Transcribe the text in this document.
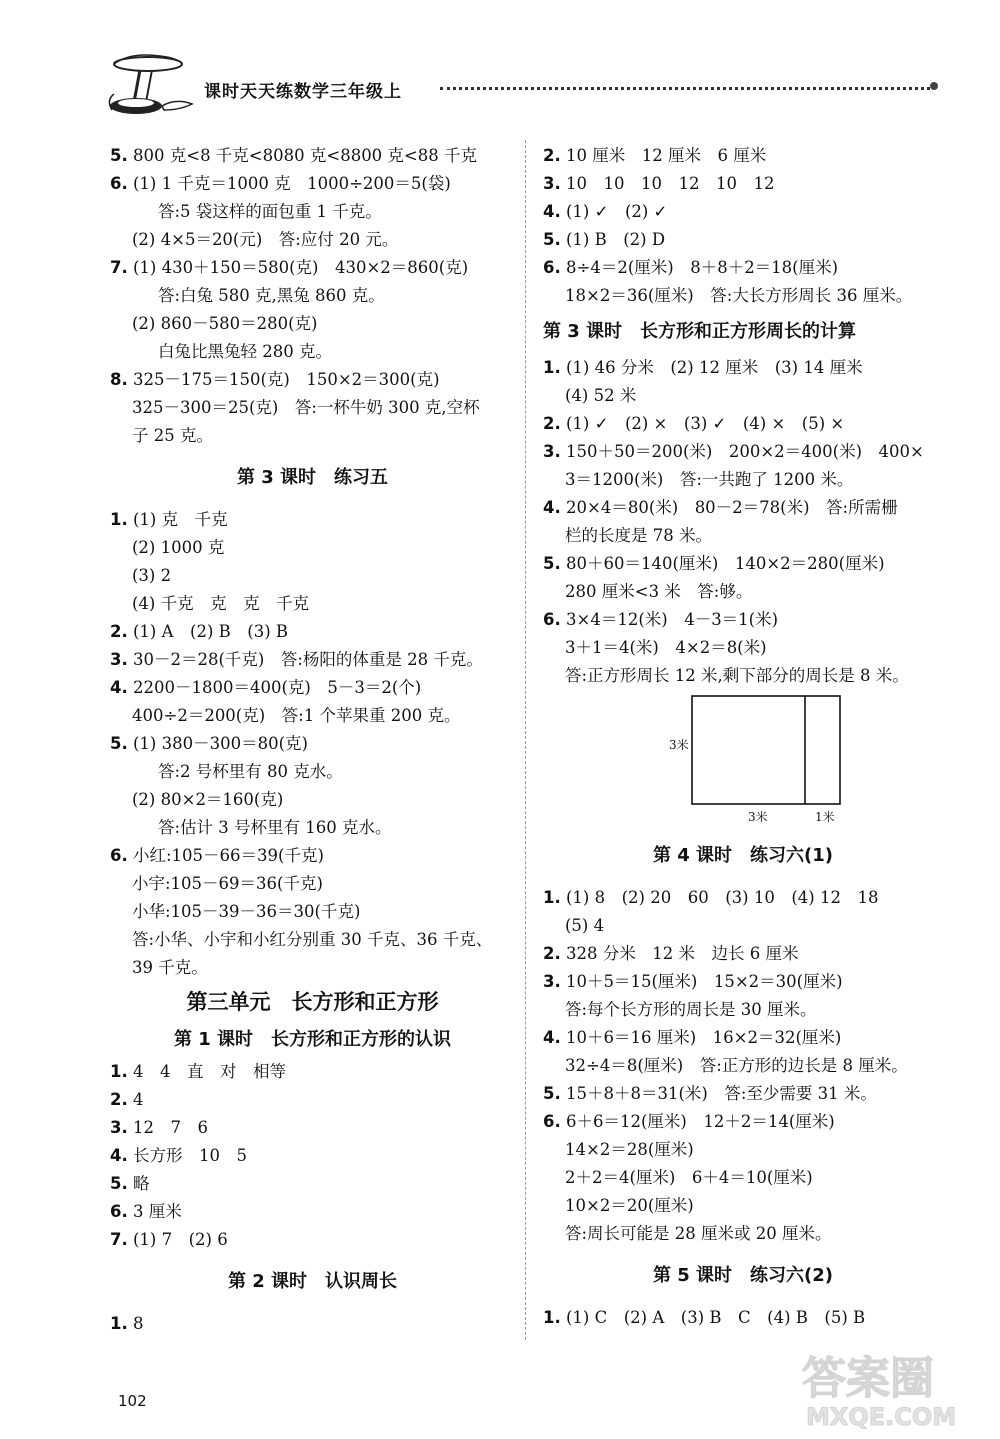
课时天天练数学三年级上
5. 800 克<8 千克<8080 克<8800 克<88 千克
6. (1) 1 千克＝1000 克　1000÷200＝5(袋)
答:5 袋这样的面包重 1 千克。
(2) 4×5＝20(元)　答:应付 20 元。
7. (1) 430＋150＝580(克)　430×2＝860(克)
答:白兔 580 克,黑兔 860 克。
(2) 860－580＝280(克)
白兔比黑兔轻 280 克。
8. 325－175＝150(克)　150×2＝300(克)
325－300＝25(克)　答:一杯牛奶 300 克,空杯
子 25 克。
第 3 课时　练习五
1. (1) 克　千克
(2) 1000 克
(3) 2
(4) 千克　克　克　千克
2. (1) A　(2) B　(3) B
3. 30－2＝28(千克)　答:杨阳的体重是 28 千克。
4. 2200－1800＝400(克)　5－3＝2(个)
400÷2＝200(克)　答:1 个苹果重 200 克。
5. (1) 380－300＝80(克)
答:2 号杯里有 80 克水。
(2) 80×2＝160(克)
答:估计 3 号杯里有 160 克水。
6. 小红:105－66＝39(千克)
小宇:105－69＝36(千克)
小华:105－39－36＝30(千克)
答:小华、小宇和小红分别重 30 千克、36 千克、
39 千克。
第三单元　长方形和正方形
第 1 课时　长方形和正方形的认识
1. 4　4　直　对　相等
2. 4
3. 12　7　6
4. 长方形　10　5
5. 略
6. 3 厘米
7. (1) 7　(2) 6
第 2 课时　认识周长
1. 8
2. 10 厘米　12 厘米　6 厘米
3. 10　10　10　12　10　12
4. (1) ✓　(2) ✓
5. (1) B　(2) D
6. 8÷4＝2(厘米)　8＋8＋2＝18(厘米)
18×2＝36(厘米)　答:大长方形周长 36 厘米。
第 3 课时　长方形和正方形周长的计算
1. (1) 46 分米　(2) 12 厘米　(3) 14 厘米
(4) 52 米
2. (1) ✓　(2) ×　(3) ✓　(4) ×　(5) ×
3. 150＋50＝200(米)　200×2＝400(米)　400×
3＝1200(米)　答:一共跑了 1200 米。
4. 20×4＝80(米)　80－2＝78(米)　答:所需栅
栏的长度是 78 米。
5. 80＋60＝140(厘米)　140×2＝280(厘米)
280 厘米<3 米　答:够。
6. 3×4＝12(米)　4－3＝1(米)
3＋1＝4(米)　4×2＝8(米)
答:正方形周长 12 米,剩下部分的周长是 8 米。
3米
3米	1米
第 4 课时　练习六(1)
1. (1) 8　(2) 20　60　(3) 10　(4) 12　18
(5) 4
2. 328 分米　12 米　边长 6 厘米
3. 10＋5＝15(厘米)　15×2＝30(厘米)
答:每个长方形的周长是 30 厘米。
4. 10＋6＝16 厘米)　16×2＝32(厘米)
32÷4＝8(厘米)　答:正方形的边长是 8 厘米。
5. 15＋8＋8＝31(米)　答:至少需要 31 米。
6. 6＋6＝12(厘米)　12＋2＝14(厘米)
14×2＝28(厘米)
2＋2＝4(厘米)　6＋4＝10(厘米)
10×2＝20(厘米)
答:周长可能是 28 厘米或 20 厘米。
第 5 课时　练习六(2)
1. (1) C　(2) A　(3) B　C　(4) B　(5) B
102	答案圈
MXQE.COM
